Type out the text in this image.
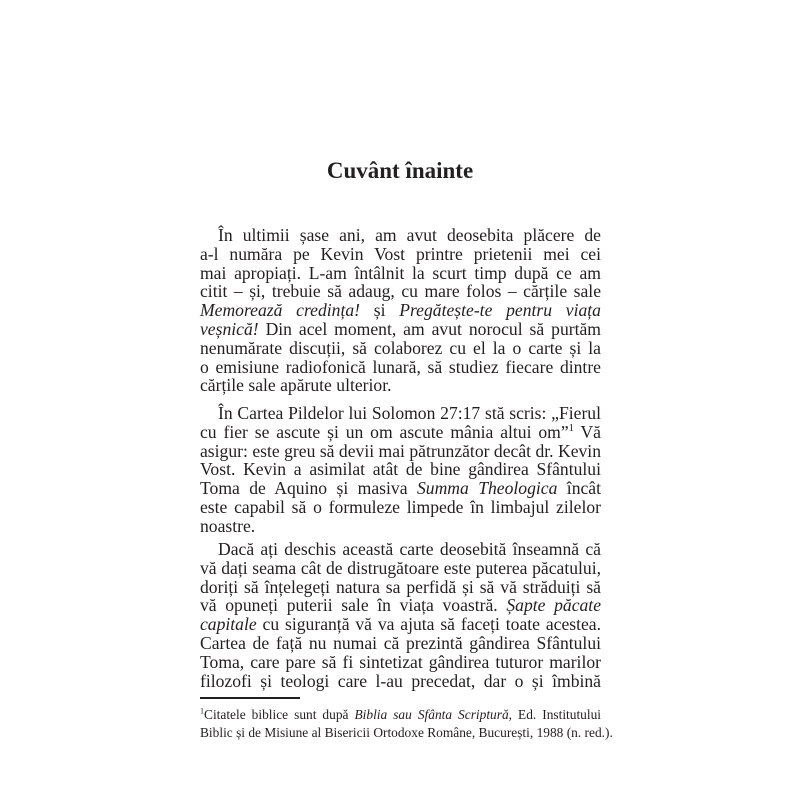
Cuvânt înainte
În ultimii șase ani, am avut deosebita plăcere de
a-l număra pe Kevin Vost printre prietenii mei cei
mai apropiați. L-am întâlnit la scurt timp după ce am
citit – și, trebuie să adaug, cu mare folos – cărțile sale
Memorează credința! și Pregătește-te pentru viața
veșnică! Din acel moment, am avut norocul să purtăm
nenumărate discuții, să colaborez cu el la o carte și la
o emisiune radiofonică lunară, să studiez fiecare dintre
cărțile sale apărute ulterior.
În Cartea Pildelor lui Solomon 27:17 stă scris: „Fierul
cu fier se ascute și un om ascute mânia altui om”$^1$ Vă
asigur: este greu să devii mai pătrunzător decât dr. Kevin
Vost. Kevin a asimilat atât de bine gândirea Sfântului
Toma de Aquino și masiva Summa Theologica încât
este capabil să o formuleze limpede în limbajul zilelor
noastre.
Dacă ați deschis această carte deosebită înseamnă că
vă dați seama cât de distrugătoare este puterea păcatului,
doriți să înțelegeți natura sa perfidă și să vă străduiți să
vă opuneți puterii sale în viața voastră. Șapte păcate
capitale cu siguranță vă va ajuta să faceți toate acestea.
Cartea de față nu numai că prezintă gândirea Sfântului
Toma, care pare să fi sintetizat gândirea tuturor marilor
filozofi și teologi care l-au precedat, dar o și îmbină
$^1$Citatele biblice sunt după Biblia sau Sfânta Scriptură, Ed. Institutului
Biblic și de Misiune al Bisericii Ortodoxe Române, București, 1988 (n. red.).
